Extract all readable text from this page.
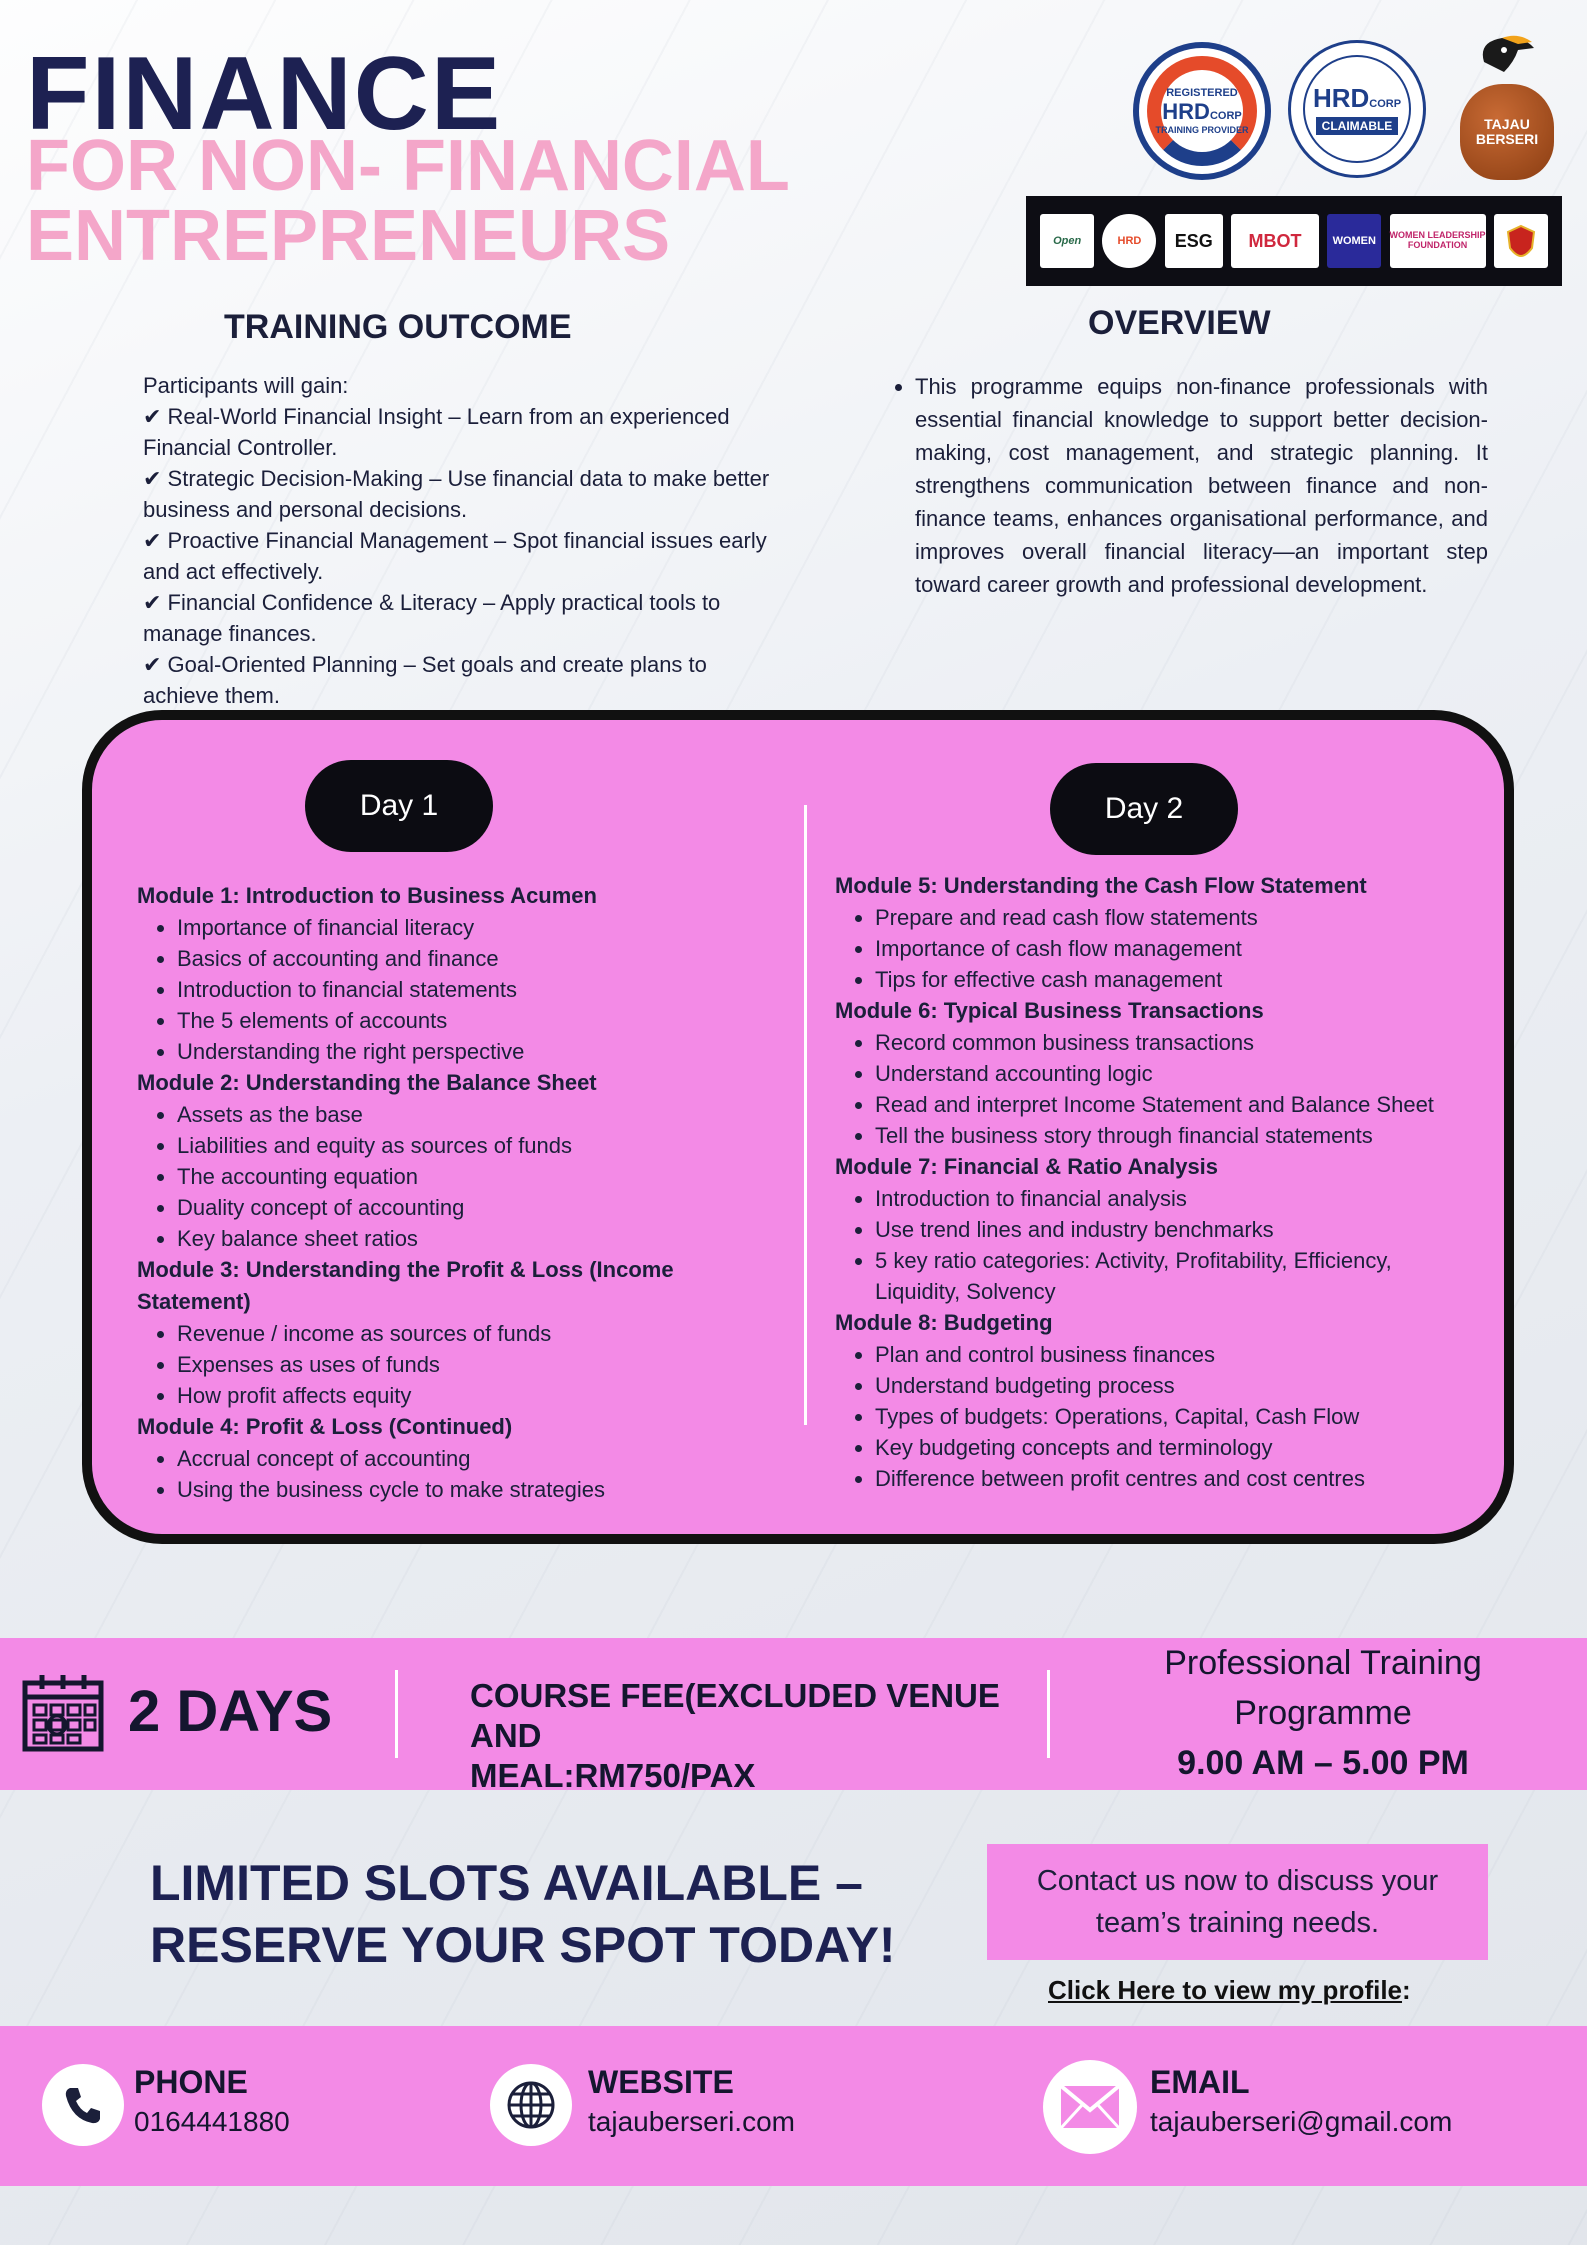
FINANCE
FOR NON- FINANCIAL
ENTREPRENEURS
REGISTERED
HRDCORP
TRAINING PROVIDER
HRDCORP
CLAIMABLE	TAJAU BERSERI
Open	HRD	ESG	MBOT	WOMEN	WOMEN LEADERSHIP FOUNDATION
TRAINING OUTCOME

Participants will gain:

✔ Real-World Financial Insight – Learn from an experienced Financial Controller.

✔ Strategic Decision-Making – Use financial data to make better business and personal decisions.

✔ Proactive Financial Management – Spot financial issues early and act effectively.

✔ Financial Confidence & Literacy – Apply practical tools to manage finances.

✔ Goal-Oriented Planning – Set goals and create plans to achieve them.

OVERVIEW
• This programme equips non-finance professionals with essential financial knowledge to support better decision-making, cost management, and strategic planning. It strengthens communication between finance and non-finance teams, enhances organisational performance, and improves overall financial literacy—an important step toward career growth and professional development.
Day 1	Day 2
Module 1: Introduction to Business Acumen
• Importance of financial literacy
• Basics of accounting and finance
• Introduction to financial statements
• The 5 elements of accounts
• Understanding the right perspective
Module 2: Understanding the Balance Sheet
• Assets as the base
• Liabilities and equity as sources of funds
• The accounting equation
• Duality concept of accounting
• Key balance sheet ratios
Module 3: Understanding the Profit & Loss (Income Statement)
• Revenue / income as sources of funds
• Expenses as uses of funds
• How profit affects equity
Module 4: Profit & Loss (Continued)
• Accrual concept of accounting
• Using the business cycle to make strategies
Module 5: Understanding the Cash Flow Statement
• Prepare and read cash flow statements
• Importance of cash flow management
• Tips for effective cash management
Module 6: Typical Business Transactions
• Record common business transactions
• Understand accounting logic
• Read and interpret Income Statement and Balance Sheet
• Tell the business story through financial statements
Module 7: Financial & Ratio Analysis
• Introduction to financial analysis
• Use trend lines and industry benchmarks
• 5 key ratio categories: Activity, Profitability, Efficiency, Liquidity, Solvency
Module 8: Budgeting
• Plan and control business finances
• Understand budgeting process
• Types of budgets: Operations, Capital, Cash Flow
• Key budgeting concepts and terminology
• Difference between profit centres and cost centres
2 DAYS	COURSE FEE(EXCLUDED VENUE AND
MEAL:RM750/PAX
Professional Training
Programme
9.00 AM – 5.00 PM
LIMITED SLOTS AVAILABLE –
RESERVE YOUR SPOT TODAY!
Contact us now to discuss your
team’s training needs.
Click Here to view my profile:
PHONE
0164441880
WEBSITE
tajauberseri.com
EMAIL
tajauberseri@gmail.com
